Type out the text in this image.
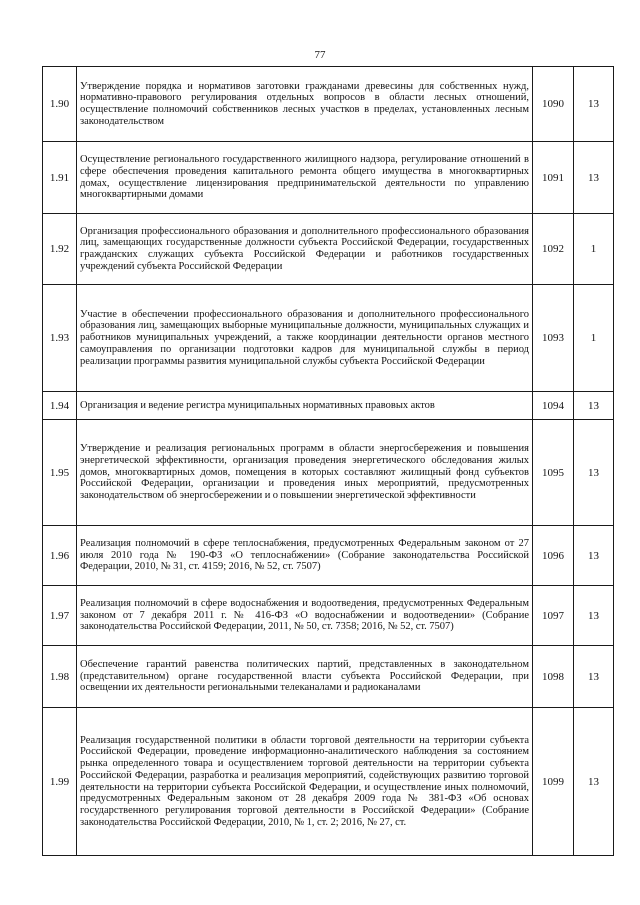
77
1.90	Утверждение порядка и нормативов заготовки гражданами древесины для собственных нужд, нормативно-правового регулирования отдельных вопросов в области лесных отношений, осуществление полномочий собственников лесных участков в пределах, установленных лесным законодательством	1090	13
1.91	Осуществление регионального государственного жилищного надзора, регулирование отношений в сфере обеспечения проведения капитального ремонта общего имущества в многоквартирных домах, осуществление лицензирования предпринимательской деятельности по управлению многоквартирными домами	1091	13
1.92	Организация профессионального образования и дополнительного профессионального образования лиц, замещающих государственные должности субъекта Российской Федерации, государственных гражданских служащих субъекта Российской Федерации и работников государственных учреждений субъекта Российской Федерации	1092	1
1.93	Участие в обеспечении профессионального образования и дополнительного профессионального образования лиц, замещающих выборные муниципальные должности, муниципальных служащих и работников муниципальных учреждений, а также координации деятельности органов местного самоуправления по организации подготовки кадров для муниципальной службы в период реализации программы развития муниципальной службы субъекта Российской Федерации	1093	1
1.94	Организация и ведение регистра муниципальных нормативных правовых актов	1094	13
1.95	Утверждение и реализация региональных программ в области энергосбережения и повышения энергетической эффективности, организация проведения энергетического обследования жилых домов, многоквартирных домов, помещения в которых составляют жилищный фонд субъектов Российской Федерации, организации и проведения иных мероприятий, предусмотренных законодательством об энергосбережении и о повышении энергетической эффективности	1095	13
1.96	Реализация полномочий в сфере теплоснабжения, предусмотренных Федеральным законом от 27 июля 2010 года № 190-ФЗ «О теплоснабжении» (Собрание законодательства Российской Федерации, 2010, № 31, ст. 4159; 2016, № 52, ст. 7507)	1096	13
1.97	Реализация полномочий в сфере водоснабжения и водоотведения, предусмотренных Федеральным законом от 7 декабря 2011 г. № 416-ФЗ «О водоснабжении и водоотведении» (Собрание законодательства Российской Федерации, 2011, № 50, ст. 7358; 2016, № 52, ст. 7507)	1097	13
1.98	Обеспечение гарантий равенства политических партий, представленных в законодательном (представительном) органе государственной власти субъекта Российской Федерации, при освещении их деятельности региональными телеканалами и радиоканалами	1098	13
1.99	Реализация государственной политики в области торговой деятельности на территории субъекта Российской Федерации, проведение информационно-аналитического наблюдения за состоянием рынка определенного товара и осуществлением торговой деятельности на территории субъекта Российской Федерации, разработка и реализация мероприятий, содействующих развитию торговой деятельности на территории субъекта Российской Федерации, и осуществление иных полномочий, предусмотренных Федеральным законом от 28 декабря 2009 года № 381-ФЗ «Об основах государственного регулирования торговой деятельности в Российской Федерации» (Собрание законодательства Российской Федерации, 2010, № 1, ст. 2; 2016, № 27, ст.	1099	13
